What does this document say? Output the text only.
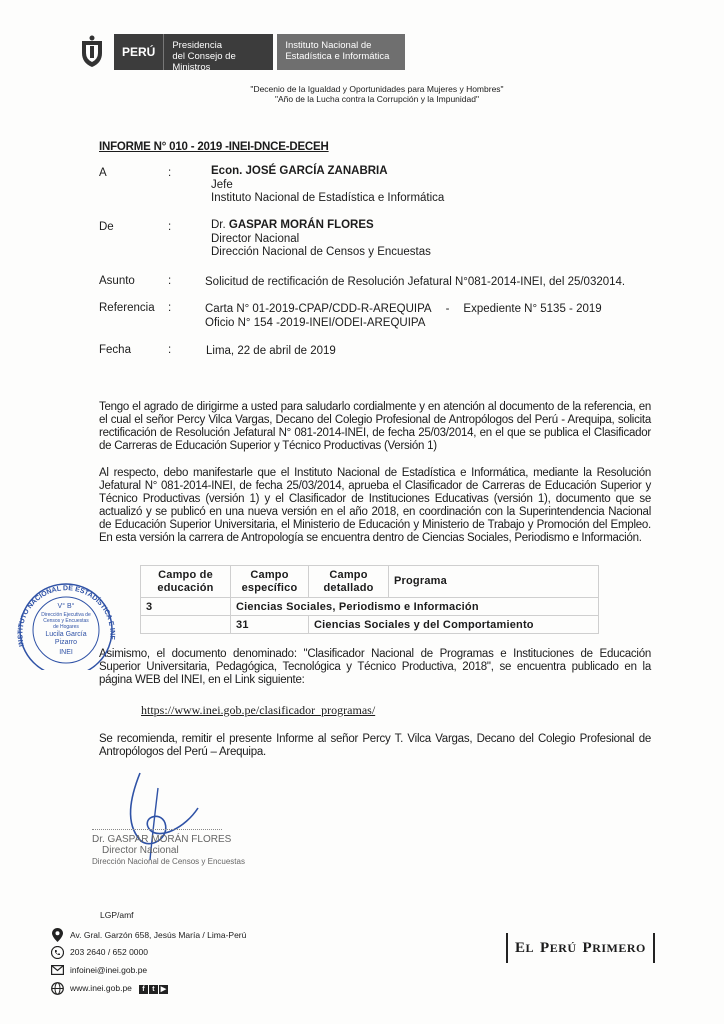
PERÚ	Presidencia
del Consejo de Ministros
Instituto Nacional de
Estadística e Informática
"Decenio de la Igualdad y Oportunidades para Mujeres y Hombres"
"Año de la Lucha contra la Corrupción y la Impunidad"
INFORME N° 010 - 2019 -INEI-DNCE-DECEH
A	:	Econ. JOSÉ GARCÍA ZANABRIA
Jefe
Instituto Nacional de Estadística e Informática
De	:	Dr. GASPAR MORÁN FLORES
Director Nacional
Dirección Nacional de Censos y Encuestas
Asunto	:	Solicitud de rectificación de Resolución Jefatural N°081-2014-INEI, del 25/032014.
Referencia :	Carta N° 01-2019-CPAP/CDD-R-AREQUIPA - Expediente N° 5135 - 2019
Oficio N° 154 -2019-INEI/ODEI-AREQUIPA
Fecha	:	Lima, 22 de abril de 2019
Tengo el agrado de dirigirme a usted para saludarlo cordialmente y en atención al documento de la referencia, en el cual el señor Percy Vilca Vargas, Decano del Colegio Profesional de Antropólogos del Perú - Arequipa, solicita rectificación de Resolución Jefatural N° 081-2014-INEI, de fecha 25/03/2014, en el que se publica el Clasificador de Carreras de Educación Superior y Técnico Productivas (Versión 1)
Al respecto, debo manifestarle que el Instituto Nacional de Estadística e Informática, mediante la Resolución Jefatural N° 081-2014-INEI, de fecha 25/03/2014, aprueba el Clasificador de Carreras de Educación Superior y Técnico Productivas (versión 1) y el Clasificador de Instituciones Educativas (versión 1), documento que se actualizó y se publicó en una nueva versión en el año 2018, en coordinación con la Superintendencia Nacional de Educación Superior Universitaria, el Ministerio de Educación y Ministerio de Trabajo y Promoción del Empleo. En esta versión la carrera de Antropología se encuentra dentro de Ciencias Sociales, Periodismo e Información.
Campo de educación	Campo específico	Campo detallado	Programa
3	Ciencias Sociales, Periodismo e Información		
	31	Ciencias Sociales y del Comportamiento	
Asimismo, el documento denominado: "Clasificador Nacional de Programas e Instituciones de Educación Superior Universitaria, Pedagógica, Tecnológica y Técnico Productiva, 2018", se encuentra publicado en la página WEB del INEI, en el Link siguiente:
https://www.inei.gob.pe/clasificador_programas/
Se recomienda, remitir el presente Informe al señor Percy T. Vilca Vargas, Decano del Colegio Profesional de Antropólogos del Perú – Arequipa.
INSTITUTO NACIONAL DE ESTADÍSTICA E INF
V° B°
Dirección Ejecutiva de
Censos y Encuestas
de Hogares
Lucila García
Pizarro
INEI
Dr. GASPAR MORÁN FLORES
Director Nacional
Dirección Nacional de Censos y Encuestas
LGP/amf
Av. Gral. Garzón 658, Jesús María / Lima-Perú
203 2640 / 652 0000
infoinei@inei.gob.pe
www.inei.gob.pe	f t ▶
E L P ERÚ P RIMERO
